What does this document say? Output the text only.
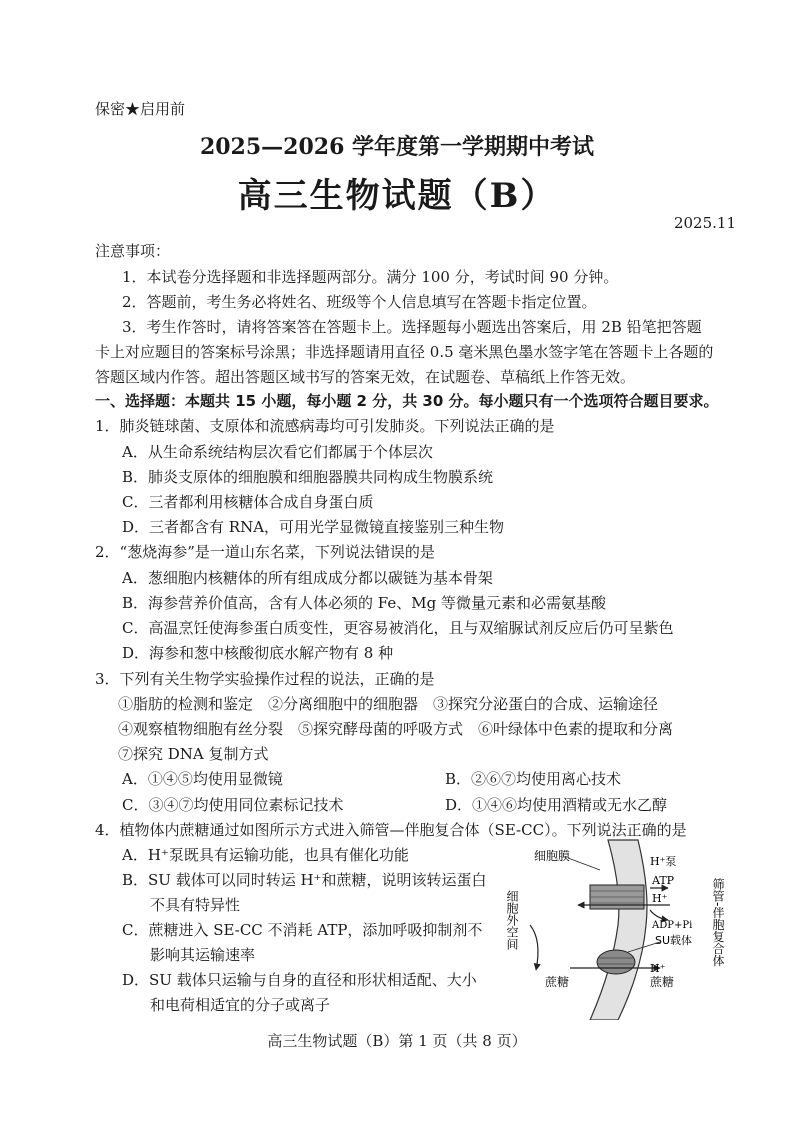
保密★启用前
2025—2026 学年度第一学期期中考试
高三生物试题（B）
2025.11
注意事项：
1．本试卷分选择题和非选择题两部分。满分 100 分，考试时间 90 分钟。
2．答题前，考生务必将姓名、班级等个人信息填写在答题卡指定位置。
3．考生作答时，请将答案答在答题卡上。选择题每小题选出答案后，用 2B 铅笔把答题
卡上对应题目的答案标号涂黑；非选择题请用直径 0.5 毫米黑色墨水签字笔在答题卡上各题的
答题区域内作答。超出答题区域书写的答案无效，在试题卷、草稿纸上作答无效。
一、选择题：本题共 15 小题，每小题 2 分，共 30 分。每小题只有一个选项符合题目要求。
1．肺炎链球菌、支原体和流感病毒均可引发肺炎。下列说法正确的是
A．从生命系统结构层次看它们都属于个体层次
B．肺炎支原体的细胞膜和细胞器膜共同构成生物膜系统
C．三者都利用核糖体合成自身蛋白质
D．三者都含有 RNA，可用光学显微镜直接鉴别三种生物
2．“葱烧海参”是一道山东名菜，下列说法错误的是
A．葱细胞内核糖体的所有组成成分都以碳链为基本骨架
B．海参营养价值高，含有人体必须的 Fe、Mg 等微量元素和必需氨基酸
C．高温烹饪使海参蛋白质变性，更容易被消化，且与双缩脲试剂反应后仍可呈紫色
D．海参和葱中核酸彻底水解产物有 8 种
3．下列有关生物学实验操作过程的说法，正确的是
①脂肪的检测和鉴定　②分离细胞中的细胞器　③探究分泌蛋白的合成、运输途径
④观察植物细胞有丝分裂　⑤探究酵母菌的呼吸方式　⑥叶绿体中色素的提取和分离
⑦探究 DNA 复制方式
A．①④⑤均使用显微镜	B．②⑥⑦均使用离心技术
C．③④⑦均使用同位素标记技术	D．①④⑥均使用酒精或无水乙醇
4．植物体内蔗糖通过如图所示方式进入筛管—伴胞复合体（SE-CC）。下列说法正确的是
A．H⁺泵既具有运输功能，也具有催化功能
B．SU 载体可以同时转运 H⁺和蔗糖，说明该转运蛋白
不具有特异性
C．蔗糖进入 SE-CC 不消耗 ATP，添加呼吸抑制剂不
影响其运输速率
D．SU 载体只运输与自身的直径和形状相适配、大小
和电荷相适宜的分子或离子
细胞膜	H⁺泵
ATP
H⁺
ADP+Pi
SU载体
蔗糖
H⁺
蔗糖
细胞外空间	筛管-伴胞复合体
高三生物试题（B）第 1 页（共 8 页）
